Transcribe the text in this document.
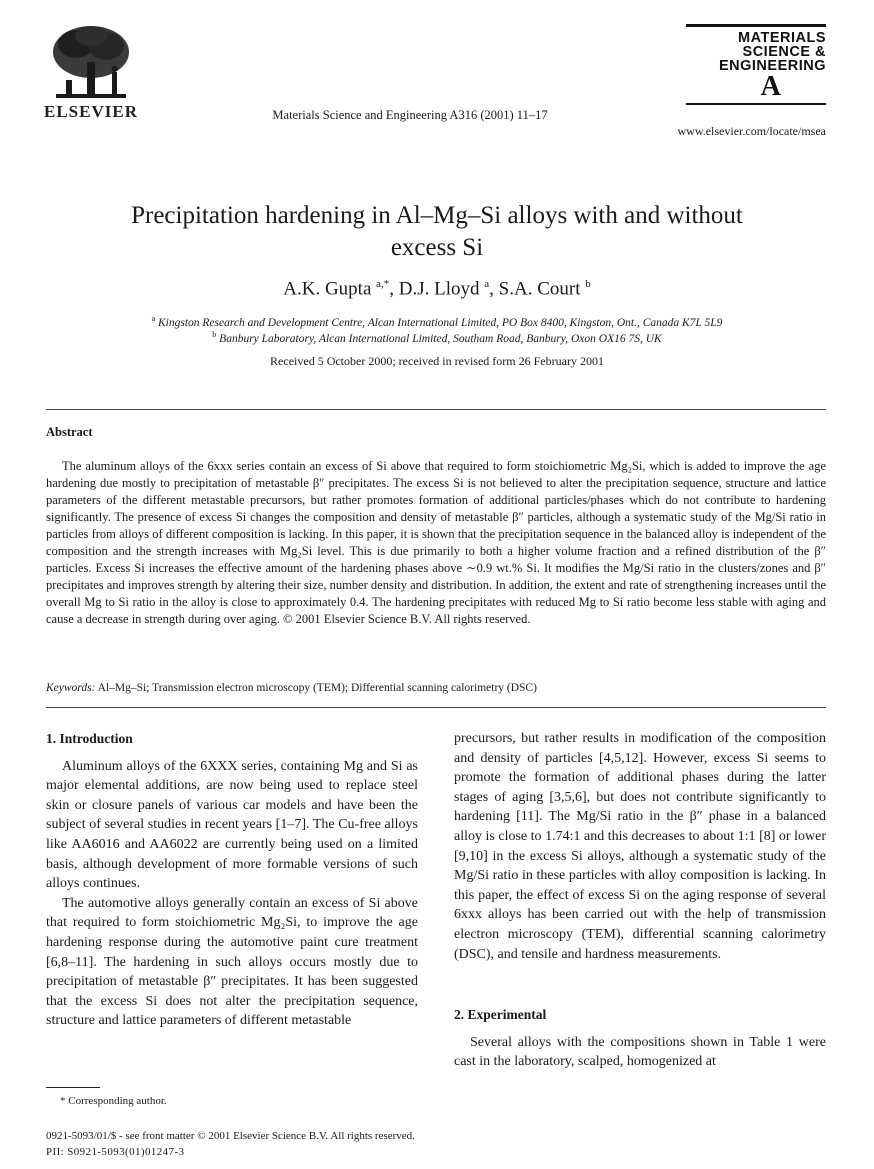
ELSEVIER	Materials Science and Engineering A316 (2001) 11–17
MATERIALS
SCIENCE &
ENGINEERING
A
www.elsevier.com/locate/msea
Precipitation hardening in Al–Mg–Si alloys with and without
excess Si
A.K. Gupta $^{a,*}$, D.J. Lloyd $^a$, S.A. Court $^b$
$^a$ Kingston Research and Development Centre, Alcan International Limited, PO Box 8400, Kingston, Ont., Canada K7L 5L9
$^b$ Banbury Laboratory, Alcan International Limited, Southam Road, Banbury, Oxon OX16 7S, UK
Received 5 October 2000; received in revised form 26 February 2001
Abstract
The aluminum alloys of the 6xxx series contain an excess of Si above that required to form stoichiometric Mg₂Si, which is added to improve the age hardening due mostly to precipitation of metastable β″ precipitates. The excess Si is not believed to alter the precipitation sequence, structure and lattice parameters of the different metastable precursors, but rather promotes formation of additional particles/phases which do not contribute to hardening significantly. The presence of excess Si changes the composition and density of metastable β″ particles, although a systematic study of the Mg/Si ratio in particles from alloys of different composition is lacking. In this paper, it is shown that the precipitation sequence in the balanced alloy is independent of the composition and the strength increases with Mg₂Si level. This is due primarily to both a higher volume fraction and a refined distribution of the β″ particles. Excess Si increases the effective amount of the hardening phases above ∼0.9 wt.% Si. It modifies the Mg/Si ratio in the clusters/zones and β″ precipitates and improves strength by altering their size, number density and distribution. In addition, the extent and rate of strengthening increases until the overall Mg to Si ratio in the alloy is close to approximately 0.4. The hardening precipitates with reduced Mg to Si ratio become less stable with aging and cause a decrease in strength during over aging. © 2001 Elsevier Science B.V. All rights reserved.
Keywords: Al–Mg–Si; Transmission electron microscopy (TEM); Differential scanning calorimetry (DSC)
1. Introduction

Aluminum alloys of the 6XXX series, containing Mg and Si as major elemental additions, are now being used to replace steel skin or closure panels of various car models and have been the subject of several studies in recent years [1–7]. The Cu-free alloys like AA6016 and AA6022 are currently being used on a limited basis, although development of more formable versions of such alloys continues.

The automotive alloys generally contain an excess of Si above that required to form stoichiometric Mg₂Si, to improve the age hardening response during the automotive paint cure treatment [6,8–11]. The hardening in such alloys occurs mostly due to precipitation of metastable β″ precipitates. It has been suggested that the excess Si does not alter the precipitation sequence, structure and lattice parameters of different metastable

precursors, but rather results in modification of the composition and density of particles [4,5,12]. However, excess Si seems to promote the formation of additional phases during the latter stages of aging [3,5,6], but does not contribute significantly to hardening [11]. The Mg/Si ratio in the β″ phase in a balanced alloy is close to 1.74:1 and this decreases to about 1:1 [8] or lower [9,10] in the excess Si alloys, although a systematic study of the Mg/Si ratio in these particles with alloy composition is lacking. In this paper, the effect of excess Si on the aging response of several 6xxx alloys has been carried out with the help of transmission electron microscopy (TEM), differential scanning calorimetry (DSC), and tensile and hardness measurements.

2. Experimental

Several alloys with the compositions shown in Table 1 were cast in the laboratory, scalped, homogenized at

* Corresponding author.
0921-5093/01/$ - see front matter © 2001 Elsevier Science B.V. All rights reserved.
PII: S0921-5093(01)01247-3
